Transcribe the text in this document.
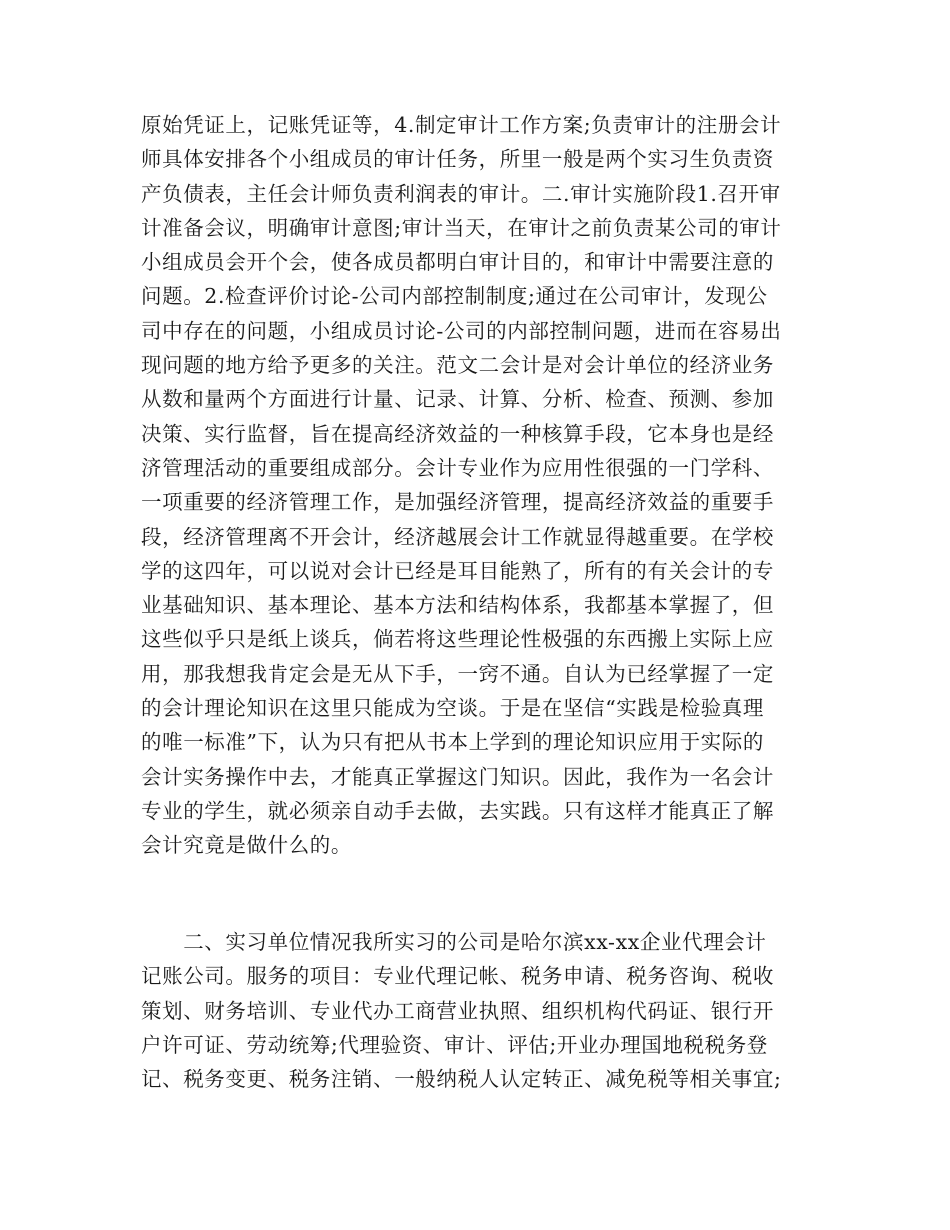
原始凭证上，记账凭证等，4.制定审计工作方案;负责审计的注册会计
师具体安排各个小组成员的审计任务，所里一般是两个实习生负责资
产负债表，主任会计师负责利润表的审计。二.审计实施阶段1.召开审
计准备会议，明确审计意图;审计当天，在审计之前负责某公司的审计
小组成员会开个会，使各成员都明白审计目的，和审计中需要注意的
问题。2.检查评价讨论-公司内部控制制度;通过在公司审计，发现公
司中存在的问题，小组成员讨论-公司的内部控制问题，进而在容易出
现问题的地方给予更多的关注。范文二会计是对会计单位的经济业务
从数和量两个方面进行计量、记录、计算、分析、检查、预测、参加
决策、实行监督，旨在提高经济效益的一种核算手段，它本身也是经
济管理活动的重要组成部分。会计专业作为应用性很强的一门学科、
一项重要的经济管理工作，是加强经济管理，提高经济效益的重要手
段，经济管理离不开会计，经济越展会计工作就显得越重要。在学校
学的这四年，可以说对会计已经是耳目能熟了，所有的有关会计的专
业基础知识、基本理论、基本方法和结构体系，我都基本掌握了，但
这些似乎只是纸上谈兵，倘若将这些理论性极强的东西搬上实际上应
用，那我想我肯定会是无从下手，一窍不通。自认为已经掌握了一定
的会计理论知识在这里只能成为空谈。于是在坚信“实践是检验真理
的唯一标准”下，认为只有把从书本上学到的理论知识应用于实际的
会计实务操作中去，才能真正掌握这门知识。因此，我作为一名会计
专业的学生，就必须亲自动手去做，去实践。只有这样才能真正了解
会计究竟是做什么的。
　　二、实习单位情况我所实习的公司是哈尔滨xx-xx企业代理会计
记账公司。服务的项目：专业代理记帐、税务申请、税务咨询、税收
策划、财务培训、专业代办工商营业执照、组织机构代码证、银行开
户许可证、劳动统筹;代理验资、审计、评估;开业办理国地税税务登
记、税务变更、税务注销、一般纳税人认定转正、减免税等相关事宜;
